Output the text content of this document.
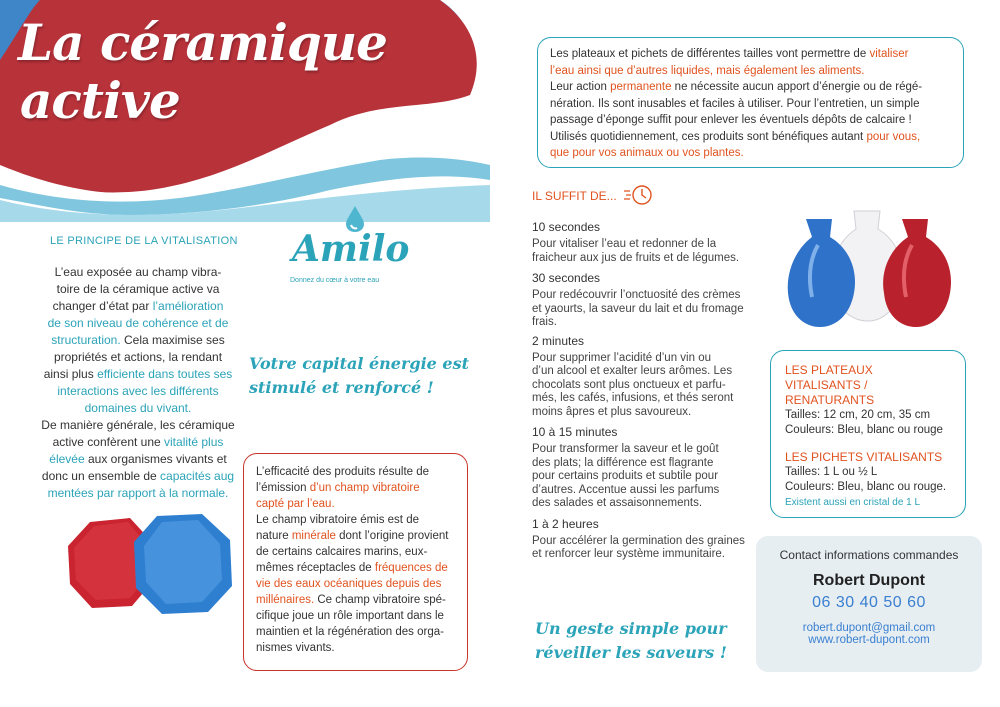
La céramique
active
Amilo
Donnez du cœur à votre eau
LE PRINCIPE DE LA VITALISATION
L’eau exposée au champ vibra-
toire de la céramique active va
changer d’état par l’amélioration
de son niveau de cohérence et de
structuration. Cela maximise ses
propriétés et actions, la rendant
ainsi plus efficiente dans toutes ses
interactions avec les différents
domaines du vivant.
De manière générale, les céramique
active confèrent une vitalité plus
élevée aux organismes vivants et
donc un ensemble de capacités aug
mentées par rapport à la normale.
Votre capital énergie est
stimulé et renforcé !
L’efficacité des produits résulte de
l’émission d’un champ vibratoire
capté par l’eau.
Le champ vibratoire émis est de
nature minérale dont l’origine provient
de certains calcaires marins, eux-
mêmes réceptacles de fréquences de
vie des eaux océaniques depuis des
millénaires. Ce champ vibratoire spé-
cifique joue un rôle important dans le
maintien et la régénération des orga-
nismes vivants.
Les plateaux et pichets de différentes tailles vont permettre de vitaliser
l’eau ainsi que d’autres liquides, mais également les aliments.
Leur action permanente ne nécessite aucun apport d’énergie ou de régé-
nération. Ils sont inusables et faciles à utiliser. Pour l’entretien, un simple
passage d’éponge suffit pour enlever les éventuels dépôts de calcaire !
Utilisés quotidiennement, ces produits sont bénéfiques autant pour vous,
que pour vos animaux ou vos plantes.
IL SUFFIT DE...
10 secondes
Pour vitaliser l’eau et redonner de la
fraicheur aux jus de fruits et de légumes.
30 secondes
Pour redécouvrir l’onctuosité des crèmes
et yaourts, la saveur du lait et du fromage
frais.
2 minutes
Pour supprimer l’acidité d’un vin ou
d’un alcool et exalter leurs arômes. Les
chocolats sont plus onctueux et parfu-
més, les cafés, infusions, et thés seront
moins âpres et plus savoureux.
10 à 15 minutes
Pour transformer la saveur et le goût
des plats; la différence est flagrante
pour certains produits et subtile pour
d’autres. Accentue aussi les parfums
des salades et assaisonnements.
1 à 2 heures
Pour accélérer la germination des graines
et renforcer leur système immunitaire.
Un geste simple pour
réveiller les saveurs !
LES PLATEAUX VITALISANTS /
RENATURANTS
Tailles: 12 cm, 20 cm, 35 cm
Couleurs: Bleu, blanc ou rouge
LES PICHETS VITALISANTS
Tailles: 1 L ou ½ L
Couleurs: Bleu, blanc ou rouge.
Existent aussi en cristal de 1 L
Contact informations commandes
Robert Dupont
06 30 40 50 60
robert.dupont@gmail.com
www.robert-dupont.com
